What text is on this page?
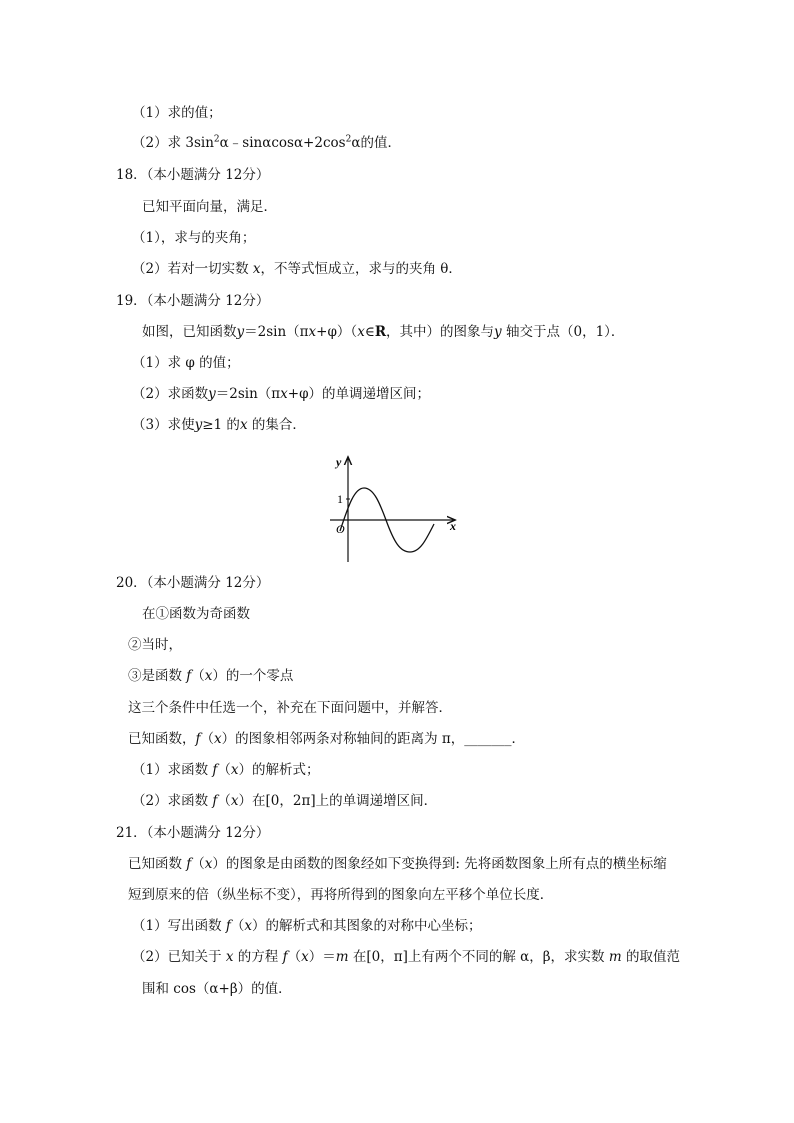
（1）求的值；
（2）求 $3\sin^2\alpha﹣\sin\alpha\cos\alpha+2\cos^2\alpha$的值．
18．（本小题满分 12分）
已知平面向量，满足．
（1），求与的夹角；
（2）若对一切实数 x，不等式恒成立，求与的夹角 θ．
19．（本小题满分 12分）
如图，已知函数y＝2sin（πx+φ）（x∈R，其中）的图象与y 轴交于点（0，1）．
（1）求 φ 的值；
（2）求函数y＝2sin（πx+φ）的单调递增区间；
（3）求使y≥1 的x 的集合．
y
x
1
O
20．（本小题满分 12分）
在①函数为奇函数
②当时，
③是函数 f（x）的一个零点
这三个条件中任选一个，补充在下面问题中，并解答．
已知函数，f（x）的图象相邻两条对称轴间的距离为 π，_______．
（1）求函数 f（x）的解析式；
（2）求函数 f（x）在[0，2π]上的单调递增区间．
21．（本小题满分 12分）
已知函数 f（x）的图象是由函数的图象经如下变换得到: 先将函数图象上所有点的横坐标缩
短到原来的倍（纵坐标不变），再将所得到的图象向左平移个单位长度．
（1）写出函数 f（x）的解析式和其图象的对称中心坐标；
（2）已知关于 x 的方程 f（x）＝m 在[0，π]上有两个不同的解 α，β，求实数 m 的取值范
围和 cos（α+β）的值．
